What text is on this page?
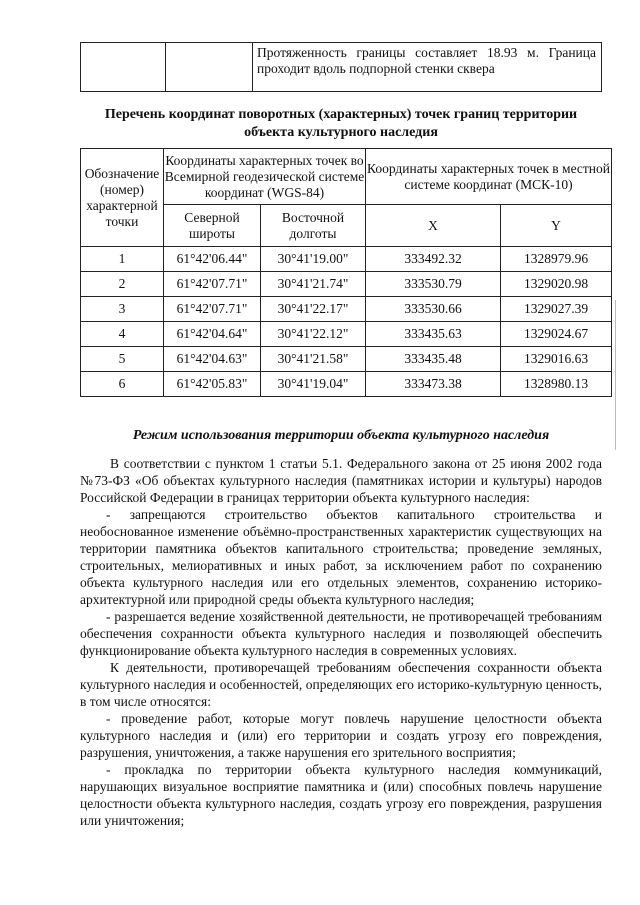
		Протяженность границы составляет 18.93 м. Граница проходит вдоль подпорной стенки сквера
Перечень координат поворотных (характерных) точек границ территории объекта культурного наследия
Обозначение (номер) характерной точки	Координаты характерных точек во Всемирной геодезической системе координат (WGS-84)		Координаты характерных точек в местной системе координат (МСК-10)	
	Северной широты	Восточной долготы	X	Y
1	61°42'06.44"	30°41'19.00"	333492.32	1328979.96
2	61°42'07.71"	30°41'21.74"	333530.79	1329020.98
3	61°42'07.71"	30°41'22.17"	333530.66	1329027.39
4	61°42'04.64"	30°41'22.12"	333435.63	1329024.67
5	61°42'04.63"	30°41'21.58"	333435.48	1329016.63
6	61°42'05.83"	30°41'19.04"	333473.38	1328980.13
Режим использования территории объекта культурного наследия

В соответствии с пунктом 1 статьи 5.1. Федерального закона от 25 июня 2002 года №73-ФЗ «Об объектах культурного наследия (памятниках истории и культуры) народов Российской Федерации в границах территории объекта культурного наследия:

- запрещаются строительство объектов капитального строительства и необоснованное изменение объёмно-пространственных характеристик существующих на территории памятника объектов капитального строительства; проведение земляных, строительных, мелиоративных и иных работ, за исключением работ по сохранению объекта культурного наследия или его отдельных элементов, сохранению историко-архитектурной или природной среды объекта культурного наследия;

- разрешается ведение хозяйственной деятельности, не противоречащей требованиям обеспечения сохранности объекта культурного наследия и позволяющей обеспечить функционирование объекта культурного наследия в современных условиях.

К деятельности, противоречащей требованиям обеспечения сохранности объекта культурного наследия и особенностей, определяющих его историко-культурную ценность, в том числе относятся:

- проведение работ, которые могут повлечь нарушение целостности объекта культурного наследия и (или) его территории и создать угрозу его повреждения, разрушения, уничтожения, а также нарушения его зрительного восприятия;

- прокладка по территории объекта культурного наследия коммуникаций, нарушающих визуальное восприятие памятника и (или) способных повлечь нарушение целостности объекта культурного наследия, создать угрозу его повреждения, разрушения или уничтожения;
